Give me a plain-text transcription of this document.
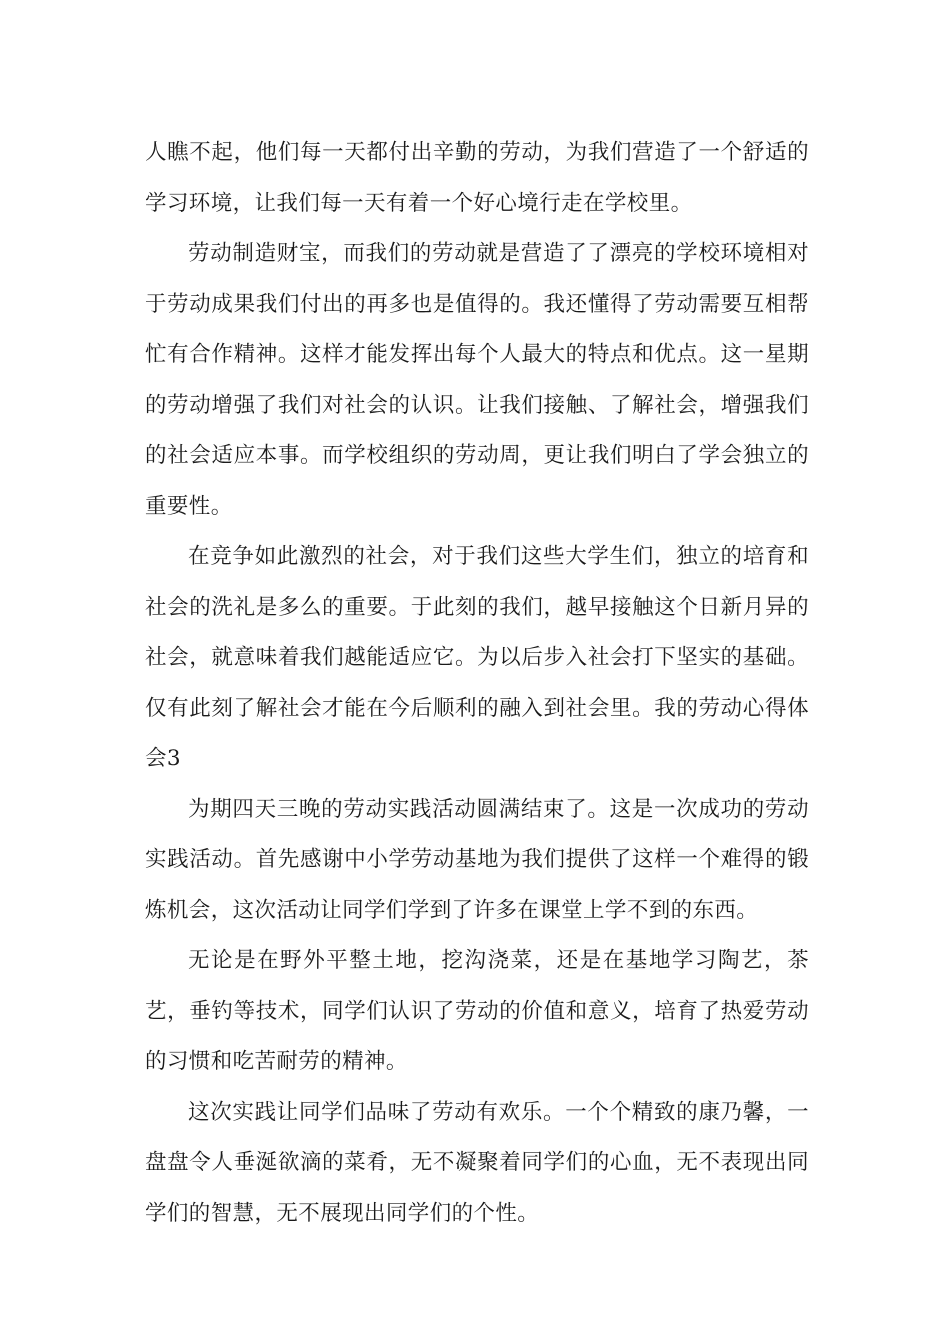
人瞧不起，他们每一天都付出辛勤的劳动，为我们营造了一个舒适的学习环境，让我们每一天有着一个好心境行走在学校里。

劳动制造财宝，而我们的劳动就是营造了了漂亮的学校环境相对于劳动成果我们付出的再多也是值得的。我还懂得了劳动需要互相帮忙有合作精神。这样才能发挥出每个人最大的特点和优点。这一星期的劳动增强了我们对社会的认识。让我们接触、了解社会，增强我们的社会适应本事。而学校组织的劳动周，更让我们明白了学会独立的重要性。

在竞争如此激烈的社会，对于我们这些大学生们，独立的培育和社会的洗礼是多么的重要。于此刻的我们，越早接触这个日新月异的社会，就意味着我们越能适应它。为以后步入社会打下坚实的基础。仅有此刻了解社会才能在今后顺利的融入到社会里。我的劳动心得体会3

为期四天三晚的劳动实践活动圆满结束了。这是一次成功的劳动实践活动。首先感谢中小学劳动基地为我们提供了这样一个难得的锻炼机会，这次活动让同学们学到了许多在课堂上学不到的东西。

无论是在野外平整土地，挖沟浇菜，还是在基地学习陶艺，茶艺，垂钓等技术，同学们认识了劳动的价值和意义，培育了热爱劳动的习惯和吃苦耐劳的精神。

这次实践让同学们品味了劳动有欢乐。一个个精致的康乃馨，一盘盘令人垂涎欲滴的菜肴，无不凝聚着同学们的心血，无不表现出同学们的智慧，无不展现出同学们的个性。
